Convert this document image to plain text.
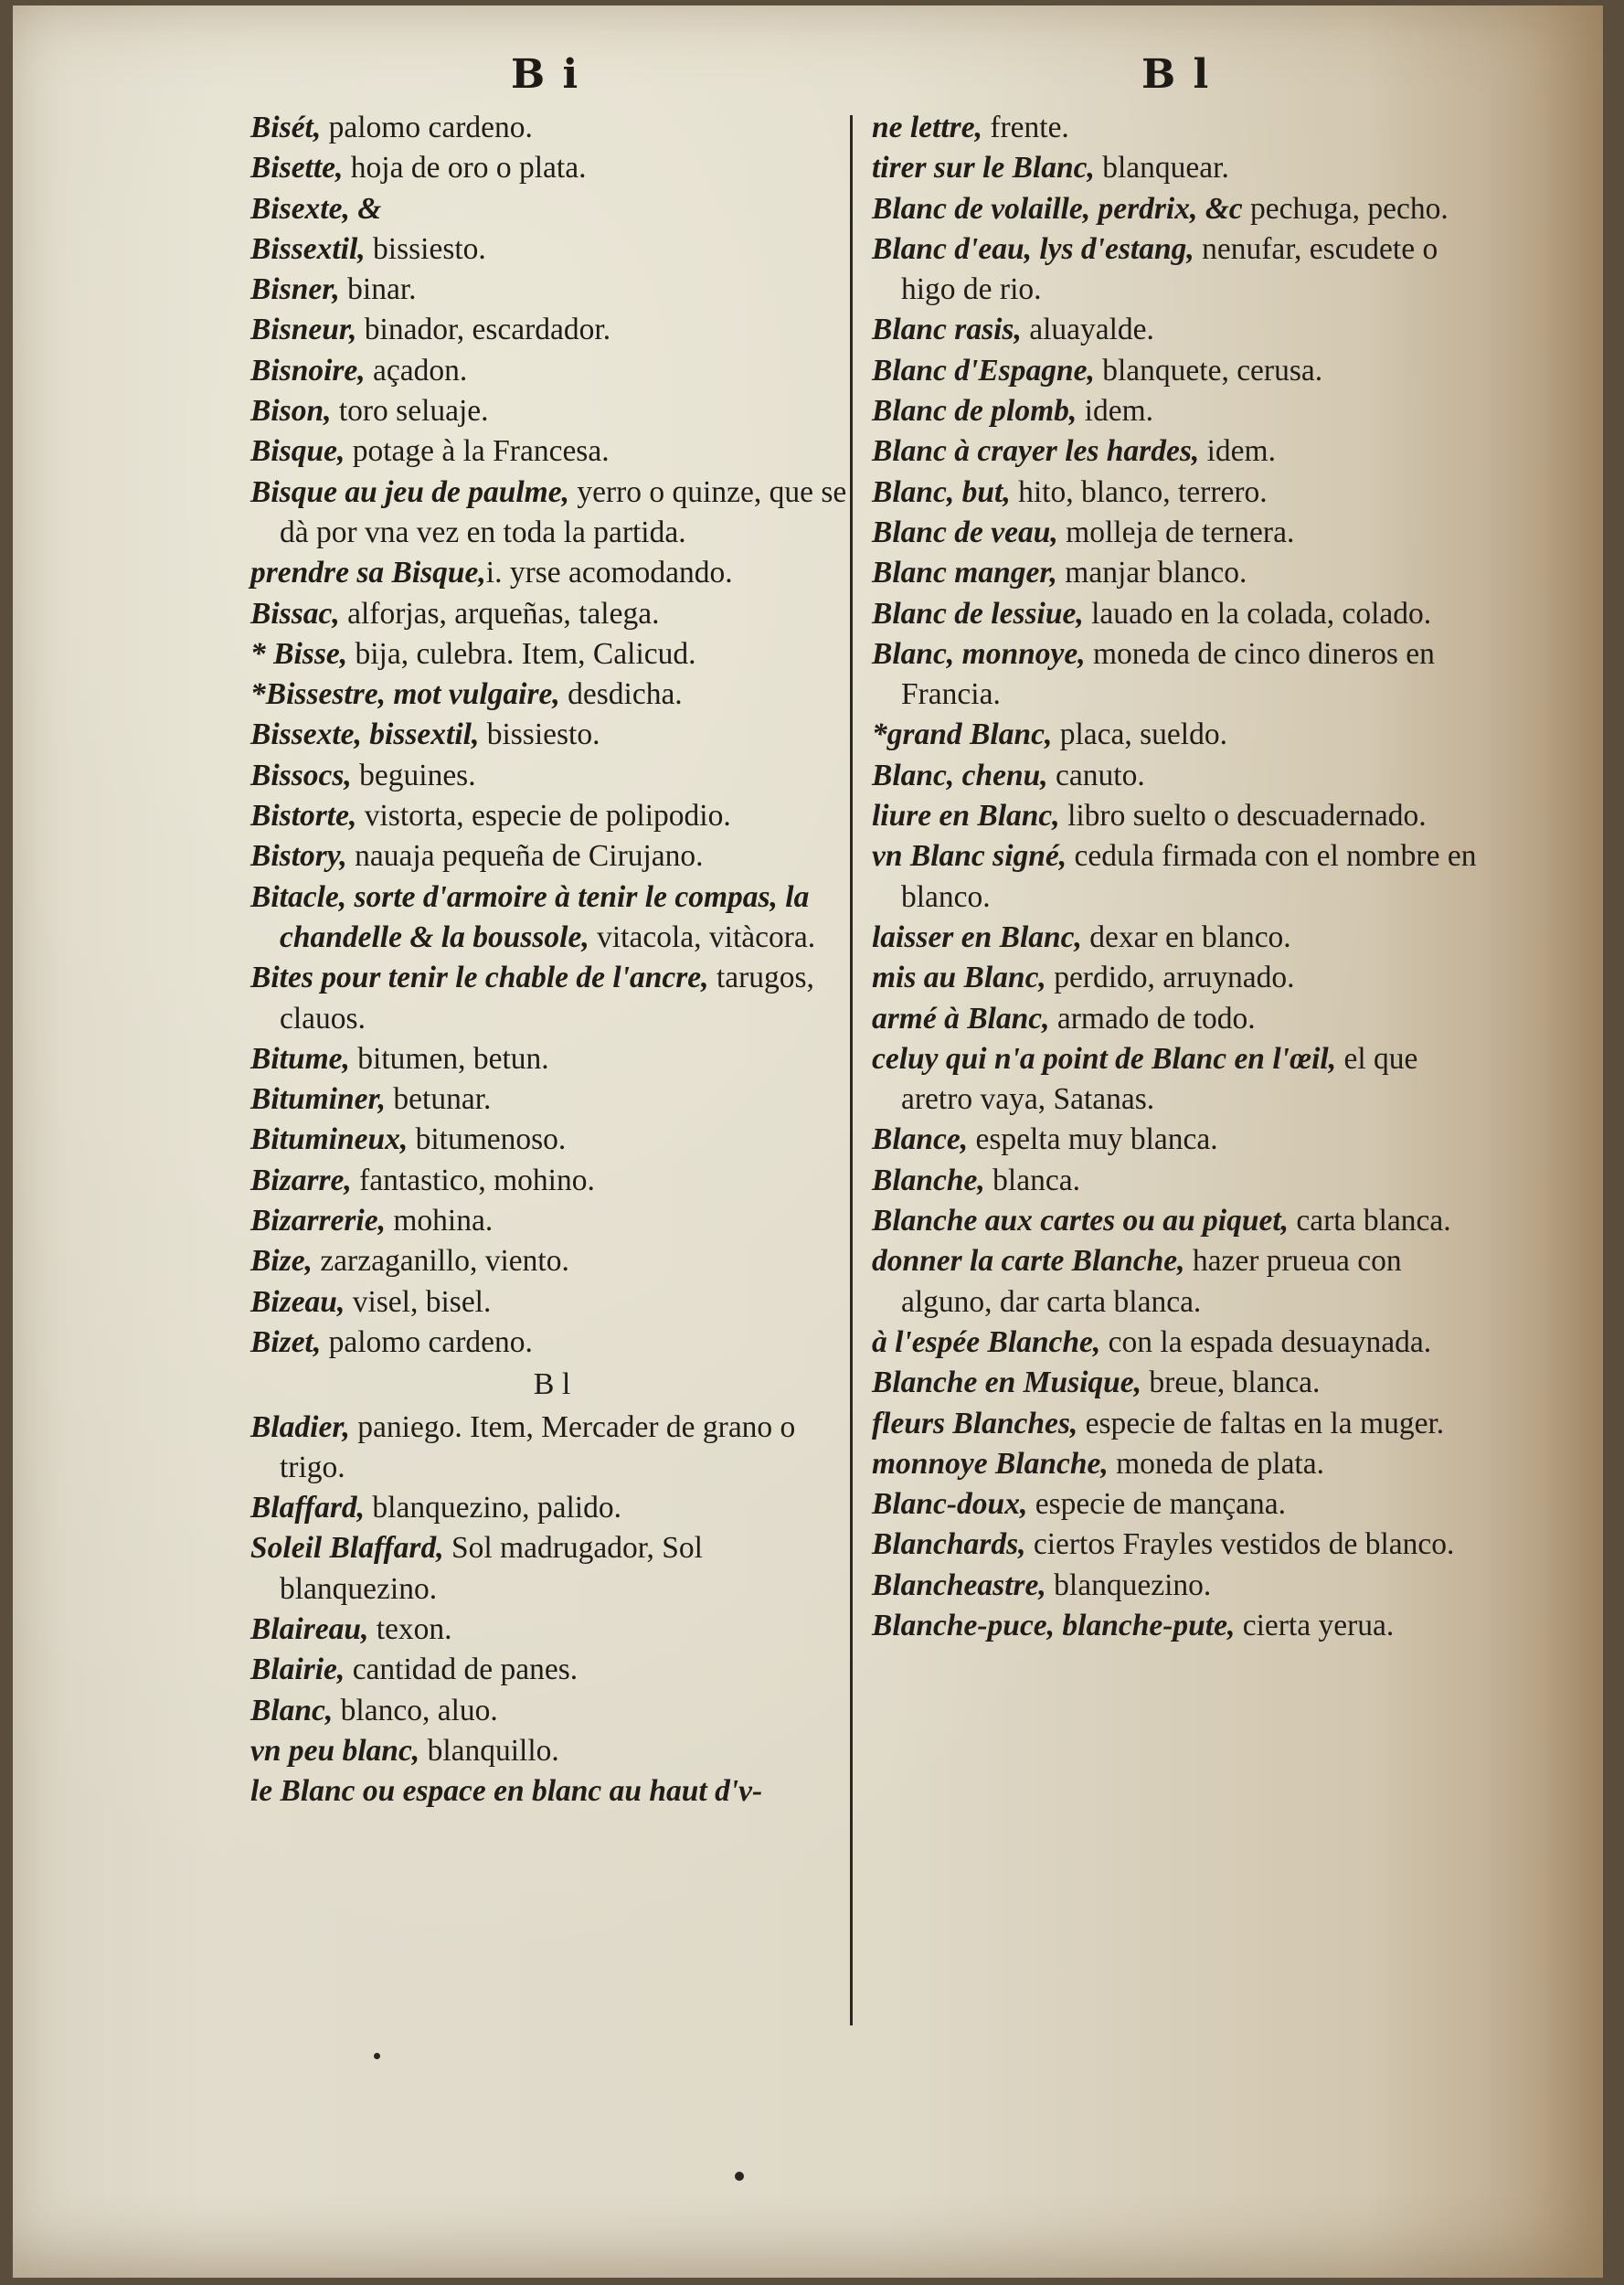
B i	B l

Bisét, palomo cardeno.

Bisette, hoja de oro o plata.

Bisexte, &

Bissextil, bissiesto.

Bisner, binar.

Bisneur, binador, escardador.

Bisnoire, açadon.

Bison, toro seluaje.

Bisque, potage à la Francesa.

Bisque au jeu de paulme, yerro o quinze, que se dà por vna vez en toda la partida.

prendre sa Bisque,i. yrse acomodando.

Bissac, alforjas, arqueñas, talega.

* Bisse, bija, culebra. Item, Calicud.

*Bissestre, mot vulgaire, desdicha.

Bissexte, bissextil, bissiesto.

Bissocs, beguines.

Bistorte, vistorta, especie de polipodio.

Bistory, nauaja pequeña de Cirujano.

Bitacle, sorte d'armoire à tenir le compas, la chandelle & la boussole, vitacola, vitàcora.

Bites pour tenir le chable de l'ancre, tarugos, clauos.

Bitume, bitumen, betun.

Bituminer, betunar.

Bitumineux, bitumenoso.

Bizarre, fantastico, mohino.

Bizarrerie, mohina.

Bize, zarzaganillo, viento.

Bizeau, visel, bisel.

Bizet, palomo cardeno.

B l

Bladier, paniego. Item, Mercader de grano o trigo.

Blaffard, blanquezino, palido.

Soleil Blaffard, Sol madrugador, Sol blanquezino.

Blaireau, texon.

Blairie, cantidad de panes.

Blanc, blanco, aluo.

vn peu blanc, blanquillo.

le Blanc ou espace en blanc au haut d'v-

ne lettre, frente.

tirer sur le Blanc, blanquear.

Blanc de volaille, perdrix, &c pechuga, pecho.

Blanc d'eau, lys d'estang, nenufar, escudete o higo de rio.

Blanc rasis, aluayalde.

Blanc d'Espagne, blanquete, cerusa.

Blanc de plomb, idem.

Blanc à crayer les hardes, idem.

Blanc, but, hito, blanco, terrero.

Blanc de veau, molleja de ternera.

Blanc manger, manjar blanco.

Blanc de lessiue, lauado en la colada, colado.

Blanc, monnoye, moneda de cinco dineros en Francia.

*grand Blanc, placa, sueldo.

Blanc, chenu, canuto.

liure en Blanc, libro suelto o descuadernado.

vn Blanc signé, cedula firmada con el nombre en blanco.

laisser en Blanc, dexar en blanco.

mis au Blanc, perdido, arruynado.

armé à Blanc, armado de todo.

celuy qui n'a point de Blanc en l'œil, el que aretro vaya, Satanas.

Blance, espelta muy blanca.

Blanche, blanca.

Blanche aux cartes ou au piquet, carta blanca.

donner la carte Blanche, hazer prueua con alguno, dar carta blanca.

à l'espée Blanche, con la espada desuaynada.

Blanche en Musique, breue, blanca.

fleurs Blanches, especie de faltas en la muger.

monnoye Blanche, moneda de plata.

Blanc-doux, especie de mançana.

Blanchards, ciertos Frayles vestidos de blanco.

Blancheastre, blanquezino.

Blanche-puce, blanche-pute, cierta yerua.
